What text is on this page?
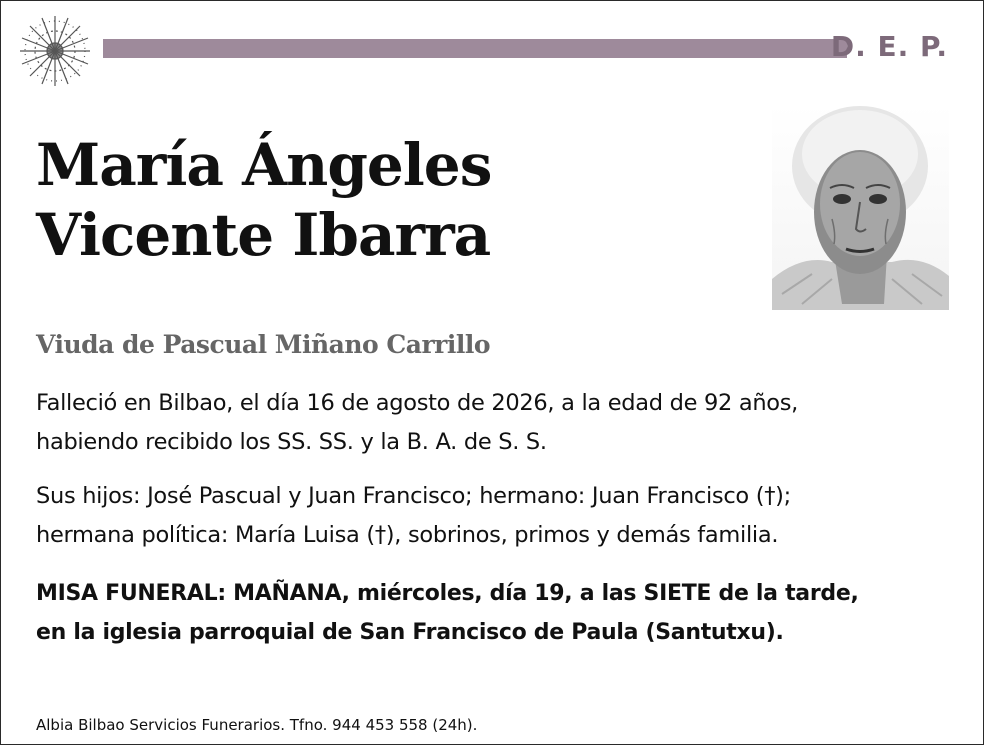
D. E. P.
María Ángeles
Vicente Ibarra
Viuda de Pascual Miñano Carrillo
Falleció en Bilbao, el día 16 de agosto de 2026, a la edad de 92 años,
habiendo recibido los SS. SS. y la B. A. de S. S.
Sus hijos: José Pascual y Juan Francisco; hermano: Juan Francisco (†);
hermana política: María Luisa (†), sobrinos, primos y demás familia.
MISA FUNERAL: MAÑANA, miércoles, día 19, a las SIETE de la tarde,
en la iglesia parroquial de San Francisco de Paula (Santutxu).
Albia Bilbao Servicios Funerarios. Tfno. 944 453 558 (24h).
